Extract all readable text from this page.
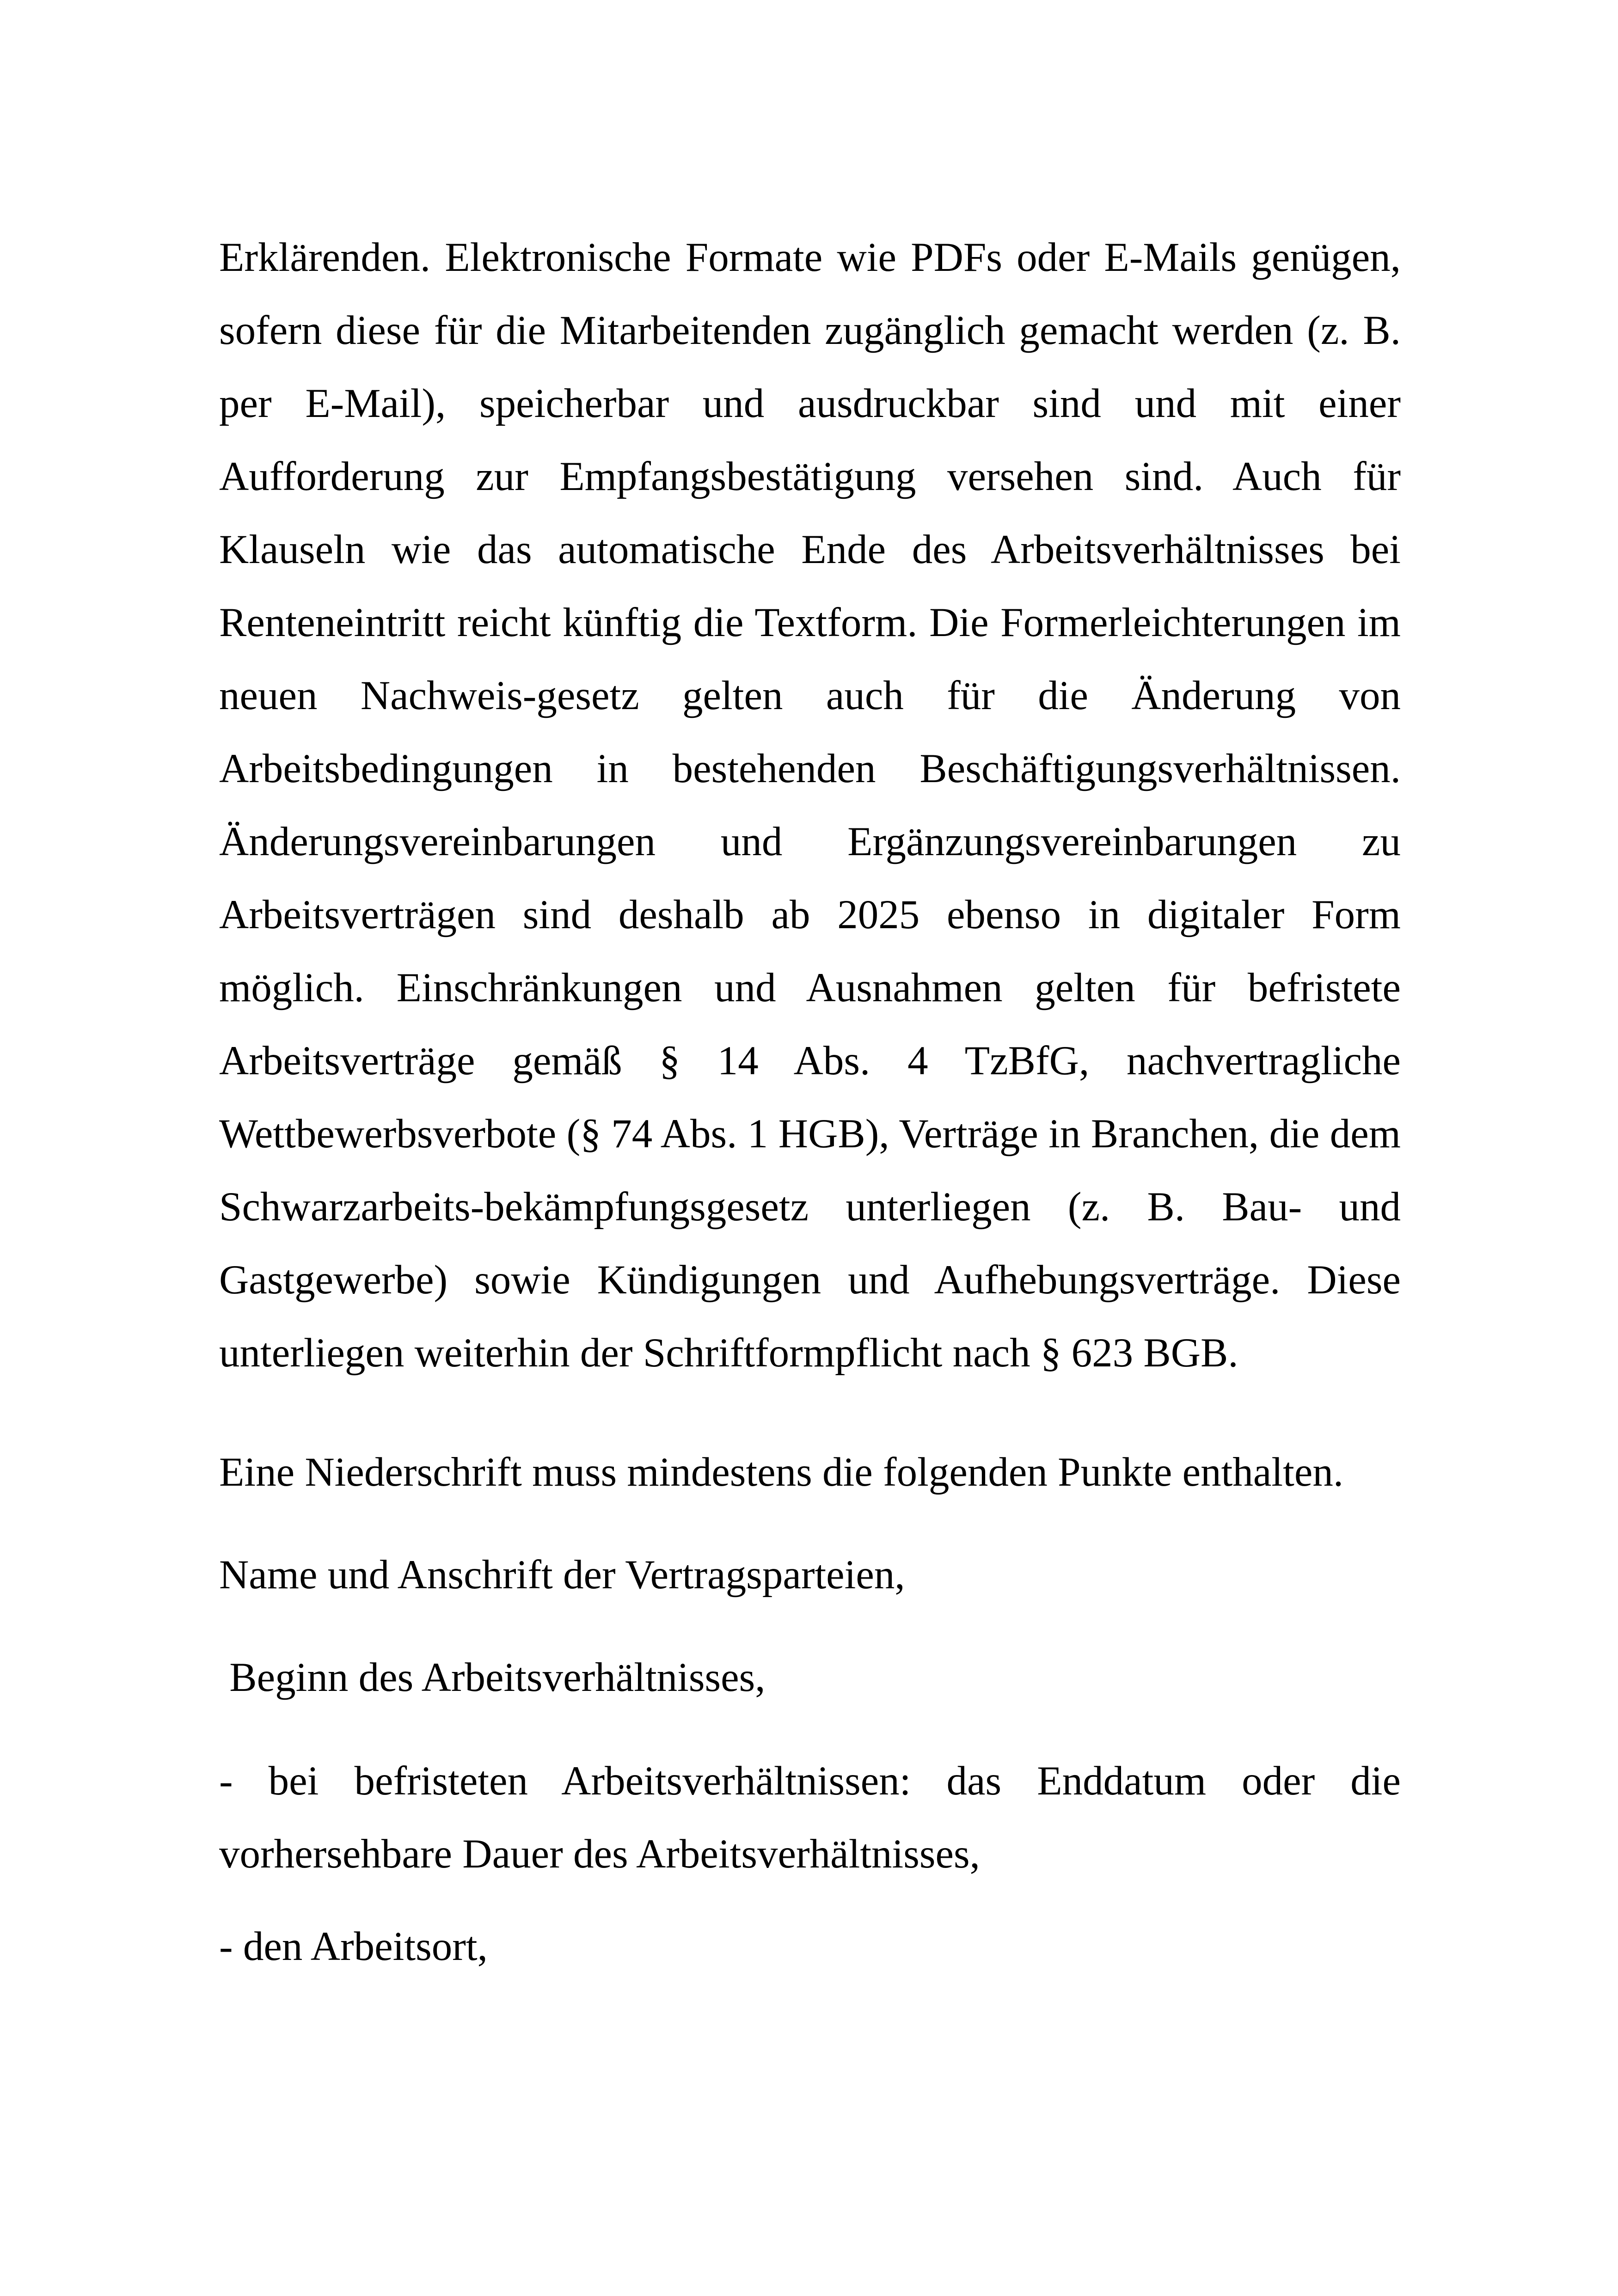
Erklärenden. Elektronische Formate wie PDFs oder E-Mails genügen, sofern diese für die Mitarbeitenden zugänglich gemacht werden (z. B. per E-Mail), speicherbar und ausdruckbar sind und mit einer Aufforderung zur Empfangsbestätigung versehen sind. Auch für Klauseln wie das automatische Ende des Arbeitsverhältnisses bei Renteneintritt reicht künftig die Textform. Die Formerleichterungen im neuen Nachweis-gesetz gelten auch für die Änderung von Arbeitsbedingungen in bestehenden Beschäftigungsverhältnissen. Änderungsvereinbarungen und Ergänzungsvereinbarungen zu Arbeitsverträgen sind deshalb ab 2025 ebenso in digitaler Form möglich. Einschränkungen und Ausnahmen gelten für befristete Arbeitsverträge gemäß § 14 Abs. 4 TzBfG, nachvertragliche Wettbewerbsverbote (§ 74 Abs. 1 HGB), Verträge in Branchen, die dem Schwarzarbeits-bekämpfungsgesetz unterliegen (z. B. Bau- und Gastgewerbe) sowie Kündigungen und Aufhebungsverträge. Diese unterliegen weiterhin der Schriftformpflicht nach § 623 BGB.

Eine Niederschrift muss mindestens die folgenden Punkte enthalten.

Name und Anschrift der Vertragsparteien,

Beginn des Arbeitsverhältnisses,

- bei befristeten Arbeitsverhältnissen: das Enddatum oder die vorhersehbare Dauer des Arbeitsverhältnisses,

- den Arbeitsort,
